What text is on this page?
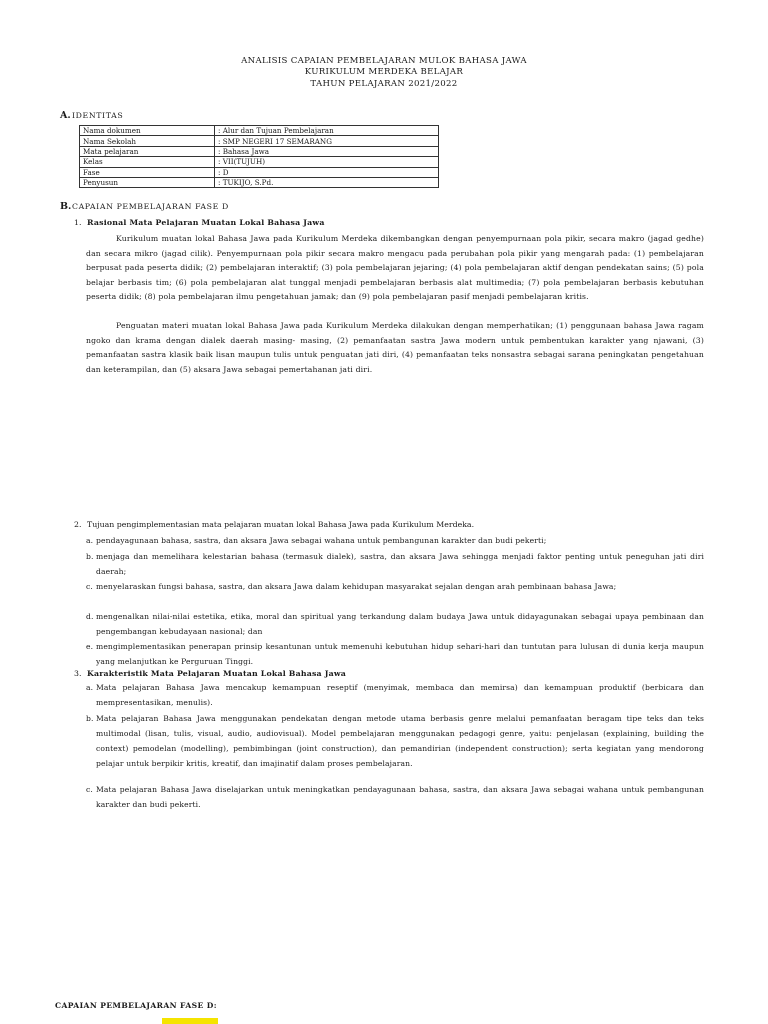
ANALISIS CAPAIAN PEMBELAJARAN MULOK BAHASA JAWA
KURIKULUM MERDEKA BELAJAR
TAHUN PELAJARAN 2021/2022
A.IDENTITAS
Nama dokumen	: Alur dan Tujuan Pembelajaran
Nama Sekolah	: SMP NEGERI 17 SEMARANG
Mata pelajaran	: Bahasa Jawa
Kelas	: VII(TUJUH)
Fase	: D
Penyusun	: TUKIJO, S.Pd.
B.CAPAIAN PEMBELAJARAN FASE D
1. Rasional Mata Pelajaran Muatan Lokal Bahasa Jawa
Kurikulum muatan lokal Bahasa Jawa pada Kurikulum Merdeka dikembangkan dengan penyempurnaan pola pikir, secara makro (jagad gedhe) dan secara mikro (jagad cilik). Penyempurnaan pola pikir secara makro mengacu pada perubahan pola pikir yang mengarah pada: (1) pembelajaran berpusat pada peserta didik; (2) pembelajaran interaktif; (3) pola pembelajaran jejaring; (4) pola pembelajaran aktif dengan pendekatan sains; (5) pola belajar berbasis tim; (6) pola pembelajaran alat tunggal menjadi pembelajaran berbasis alat multimedia; (7) pola pembelajaran berbasis kebutuhan peserta didik; (8) pola pembelajaran ilmu pengetahuan jamak; dan (9) pola pembelajaran pasif menjadi pembelajaran kritis.
Penguatan materi muatan lokal Bahasa Jawa pada Kurikulum Merdeka dilakukan dengan memperhatikan; (1) penggunaan bahasa Jawa ragam ngoko dan krama dengan dialek daerah masing- masing, (2) pemanfaatan sastra Jawa modern untuk pembentukan karakter yang njawani, (3) pemanfaatan sastra klasik baik lisan maupun tulis untuk penguatan jati diri, (4) pemanfaatan teks nonsastra sebagai sarana peningkatan pengetahuan dan keterampilan, dan (5) aksara Jawa sebagai pemertahanan jati diri.
2. Tujuan pengimplementasian mata pelajaran muatan lokal Bahasa Jawa pada Kurikulum Merdeka.
a. pendayagunaan bahasa, sastra, dan aksara Jawa sebagai wahana untuk pembangunan karakter dan budi pekerti;
b. menjaga dan memelihara kelestarian bahasa (termasuk dialek), sastra, dan aksara Jawa sehingga menjadi faktor penting untuk peneguhan jati diri daerah;
c. menyelaraskan fungsi bahasa, sastra, dan aksara Jawa dalam kehidupan masyarakat sejalan dengan arah pembinaan bahasa Jawa;
d. mengenalkan nilai-nilai estetika, etika, moral dan spiritual yang terkandung dalam budaya Jawa untuk didayagunakan sebagai upaya pembinaan dan pengembangan kebudayaan nasional; dan
e. mengimplementasikan penerapan prinsip kesantunan untuk memenuhi kebutuhan hidup sehari-hari dan tuntutan para lulusan di dunia kerja maupun yang melanjutkan ke Perguruan Tinggi.
3. Karakteristik Mata Pelajaran Muatan Lokal Bahasa Jawa
a. Mata pelajaran Bahasa Jawa mencakup kemampuan reseptif (menyimak, membaca dan memirsa) dan kemampuan produktif (berbicara dan mempresentasikan, menulis).
b. Mata pelajaran Bahasa Jawa menggunakan pendekatan dengan metode utama berbasis genre melalui pemanfaatan beragam tipe teks dan teks multimodal (lisan, tulis, visual, audio, audiovisual). Model pembelajaran menggunakan pedagogi genre, yaitu: penjelasan (explaining, building the context) pemodelan (modelling), pembimbingan (joint construction), dan pemandirian (independent construction); serta kegiatan yang mendorong pelajar untuk berpikir kritis, kreatif, dan imajinatif dalam proses pembelajaran.
c. Mata pelajaran Bahasa Jawa diselajarkan untuk meningkatkan pendayagunaan bahasa, sastra, dan aksara Jawa sebagai wahana untuk pembangunan karakter dan budi pekerti.
CAPAIAN PEMBELAJARAN FASE D:
